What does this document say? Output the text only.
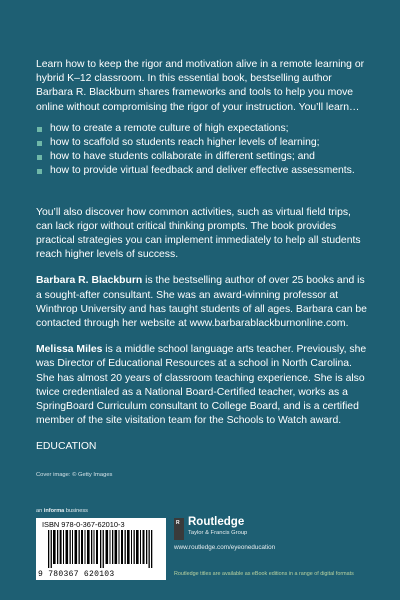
Learn how to keep the rigor and motivation alive in a remote learning or hybrid K–12 classroom. In this essential book, bestselling author Barbara R. Blackburn shares frameworks and tools to help you move online without compromising the rigor of your instruction. You’ll learn…

how to create a remote culture of high expectations;
how to scaffold so students reach higher levels of learning;
how to have students collaborate in different settings; and
how to provide virtual feedback and deliver effective assessments.

You’ll also discover how common activities, such as virtual field trips, can lack rigor without critical thinking prompts. The book provides practical strategies you can implement immediately to help all students reach higher levels of success.

Barbara R. Blackburn is the bestselling author of over 25 books and is a sought-after consultant. She was an award-winning professor at Winthrop University and has taught students of all ages. Barbara can be contacted through her website at www.barbarablackburnonline.com.

Melissa Miles is a middle school language arts teacher. Previously, she was Director of Educational Resources at a school in North Carolina. She has almost 20 years of classroom teaching experience. She is also twice credentialed as a National Board-Certified teacher, works as a SpringBoard Curriculum consultant to College Board, and is a certified member of the site visitation team for the Schools to Watch award.

EDUCATION

Cover image: © Getty Images

an informa business
ISBN 978-0-367-62010-3
9 780367 620103
R Routledge
Taylor & Francis Group
www.routledge.com/eyeoneducation
Routledge titles are available as eBook editions in a range of digital formats
